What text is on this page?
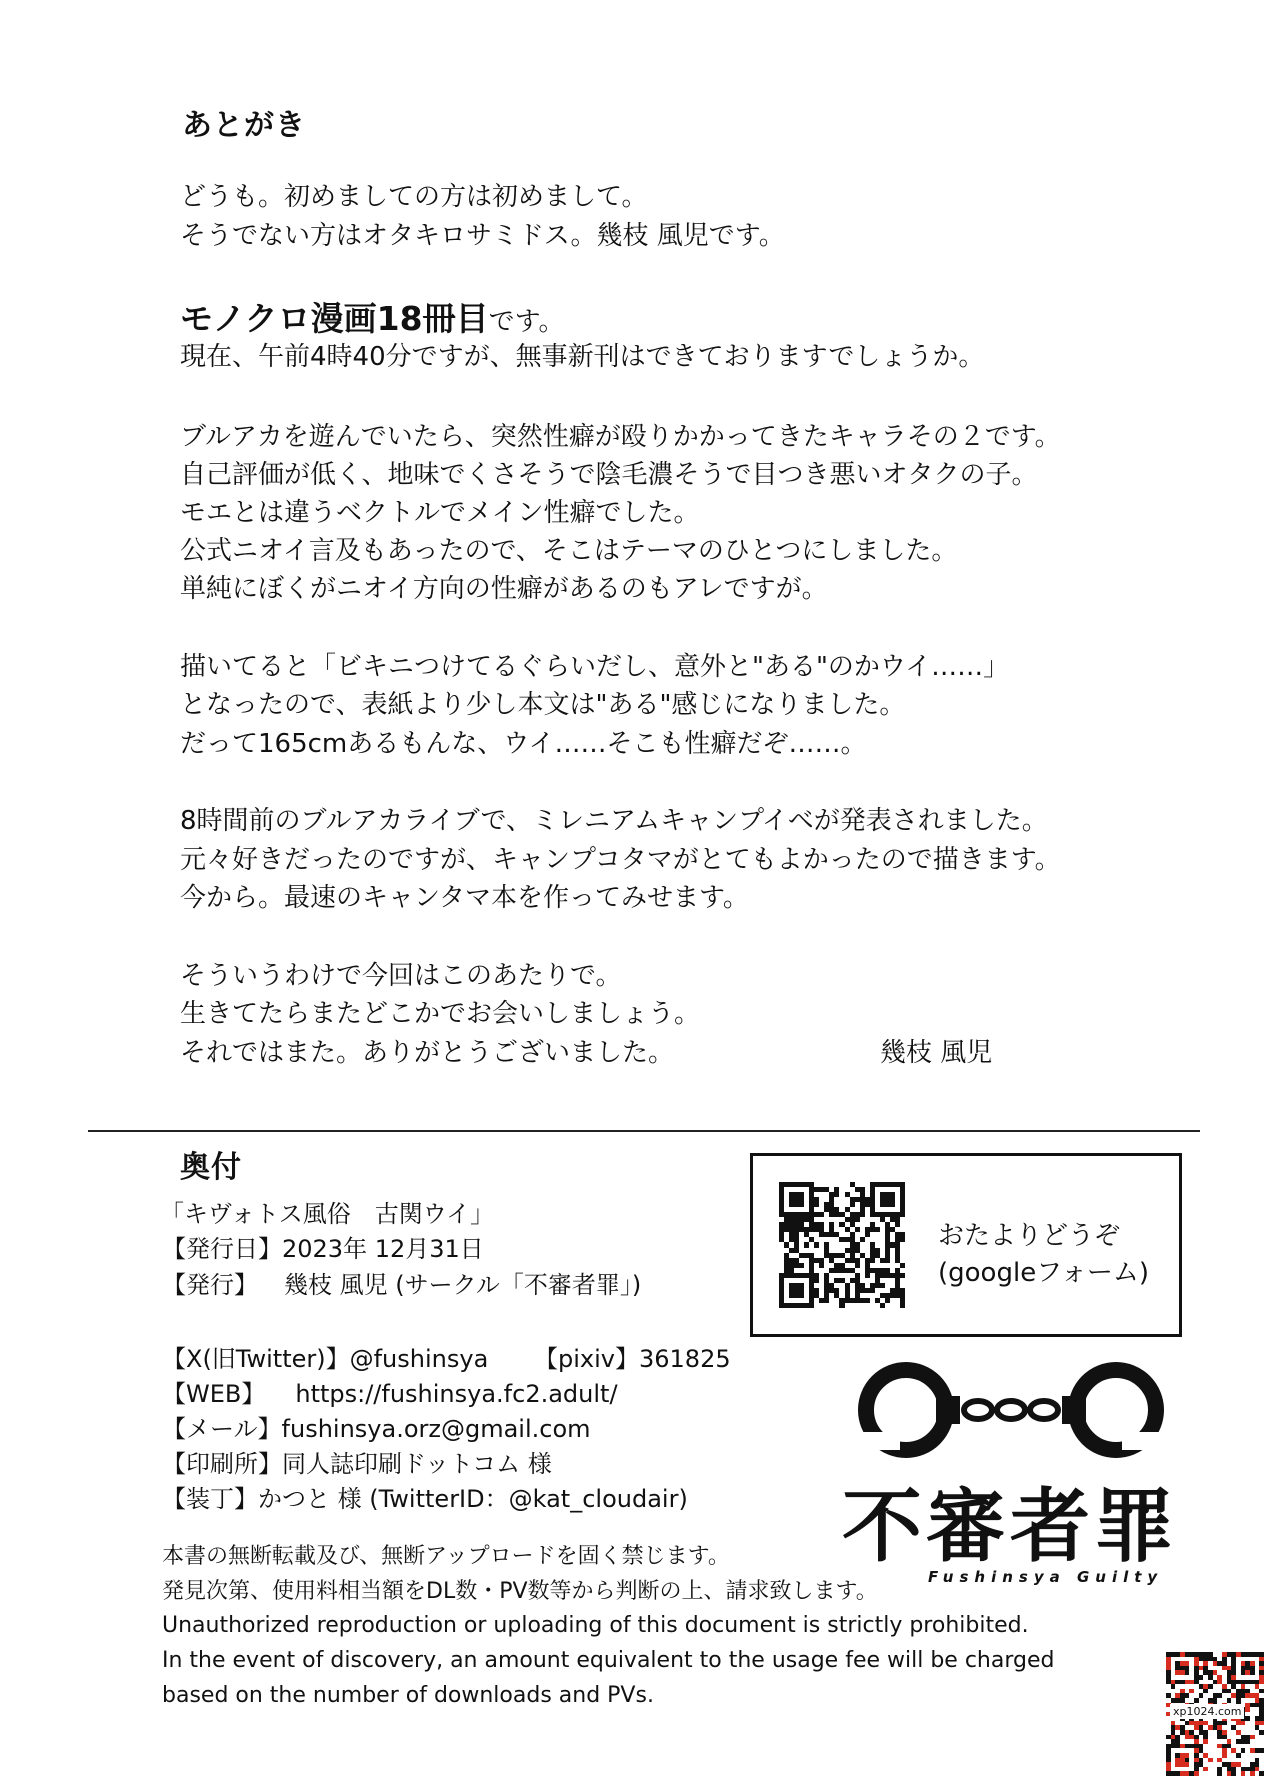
あとがき
どうも。初めましての方は初めまして。
そうでない方はオタキロサミドス。幾枝 風児です。
モノクロ漫画18冊目です。
現在、午前4時40分ですが、無事新刊はできておりますでしょうか。
ブルアカを遊んでいたら、突然性癖が殴りかかってきたキャラその２です。
自己評価が低く、地味でくさそうで陰毛濃そうで目つき悪いオタクの子。
モエとは違うベクトルでメイン性癖でした。
公式ニオイ言及もあったので、そこはテーマのひとつにしました。
単純にぼくがニオイ方向の性癖があるのもアレですが。
描いてると「ビキニつけてるぐらいだし、意外と"ある"のかウイ……」
となったので、表紙より少し本文は"ある"感じになりました。
だって165cmあるもんな、ウイ……そこも性癖だぞ……。
8時間前のブルアカライブで、ミレニアムキャンプイベが発表されました。
元々好きだったのですが、キャンプコタマがとてもよかったので描きます。
今から。最速のキャンタマ本を作ってみせます。
そういうわけで今回はこのあたりで。
生きてたらまたどこかでお会いしましょう。
それではまた。ありがとうございました。	幾枝 風児
奥付
「キヴォトス風俗　古関ウイ」
【発行日】2023年 12月31日
【発行】 幾枝 風児 (サークル「不審者罪」)
【X(旧Twitter)】@fushinsya 【pixiv】361825
【WEB】 https://fushinsya.fc2.adult/
【メール】fushinsya.orz@gmail.com
【印刷所】同人誌印刷ドットコム 様
【装丁】かつと 様 (TwitterID：@kat_cloudair)
おたよりどうぞ
(googleフォーム)
不審者罪
Fushinsya Guilty
本書の無断転載及び、無断アップロードを固く禁じます。
発見次第、使用料相当額をDL数・PV数等から判断の上、請求致します。
Unauthorized reproduction or uploading of this document is strictly prohibited.
In the event of discovery, an amount equivalent to the usage fee will be charged
based on the number of downloads and PVs.
xp1024.com
